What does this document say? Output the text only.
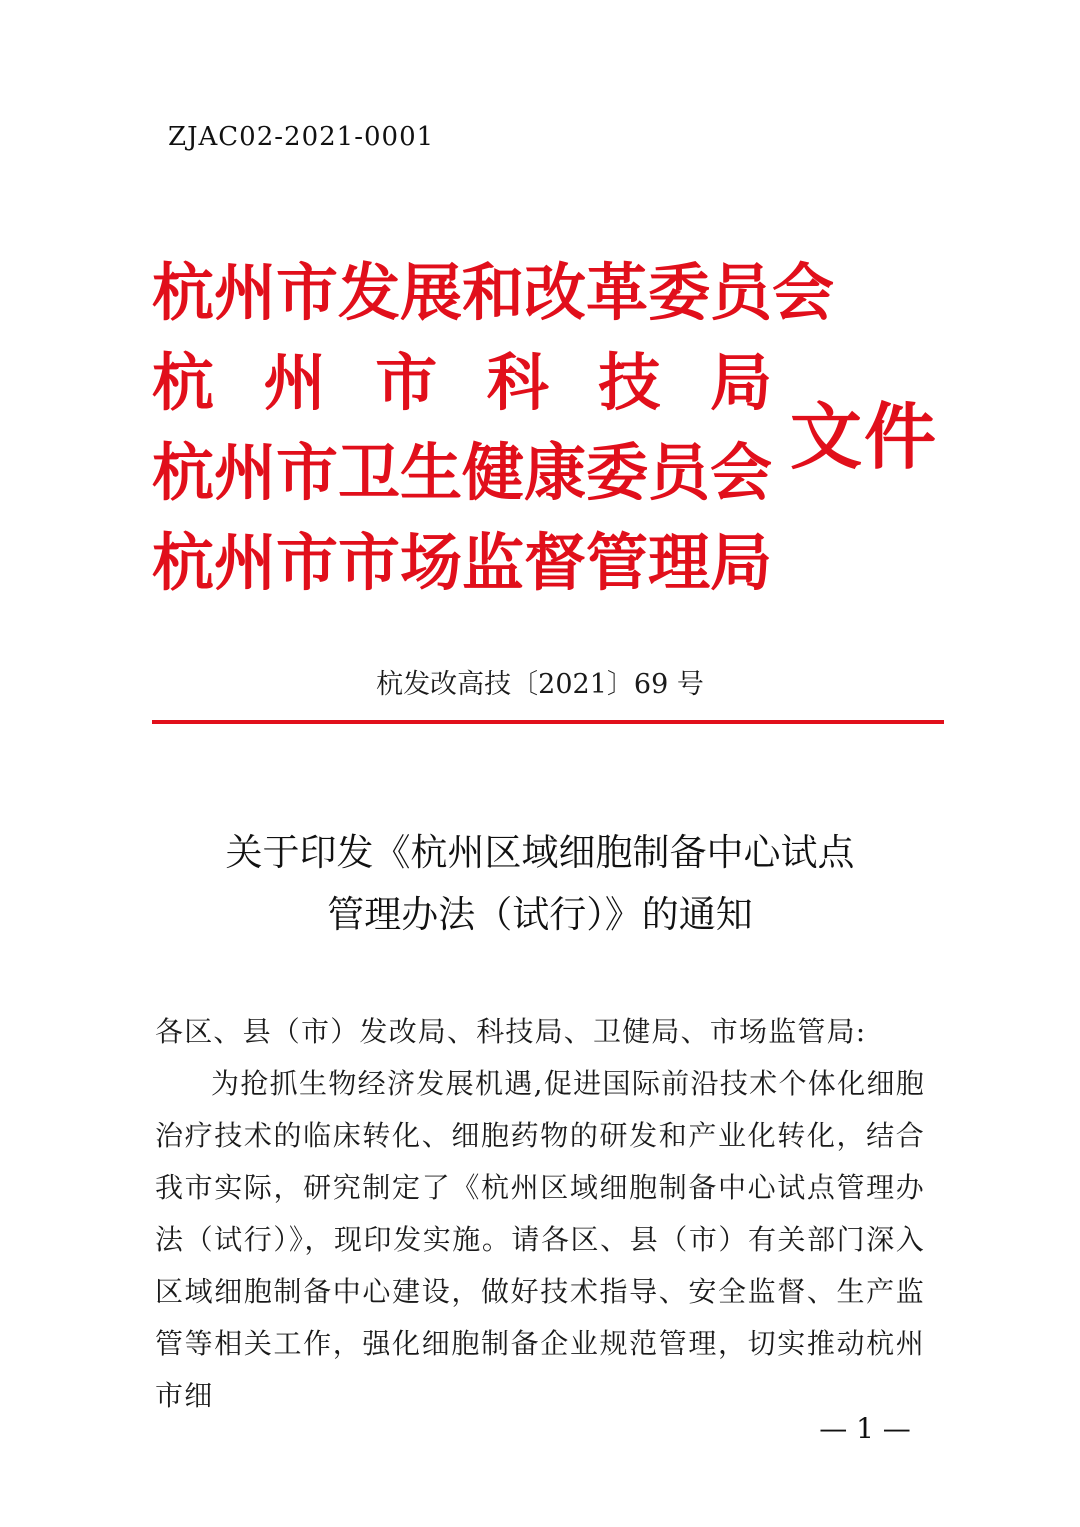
ZJAC02-2021-0001
杭州市发展和改革委员会
杭 州 市 科 技 局
杭州市卫生健康委员会
杭州市市场监督管理局
文件
杭发改高技〔2021〕69 号
关于印发《杭州区域细胞制备中心试点
管理办法（试行）》的通知
各区、县（市）发改局、科技局、卫健局、市场监管局:
为抢抓生物经济发展机遇,促进国际前沿技术个体化细胞治疗技术的临床转化、细胞药物的研发和产业化转化，结合我市实际，研究制定了《杭州区域细胞制备中心试点管理办法（试行）》，现印发实施。请各区、县（市）有关部门深入区域细胞制备中心建设，做好技术指导、安全监督、生产监管等相关工作，强化细胞制备企业规范管理，切实推动杭州市细
— 1 —
